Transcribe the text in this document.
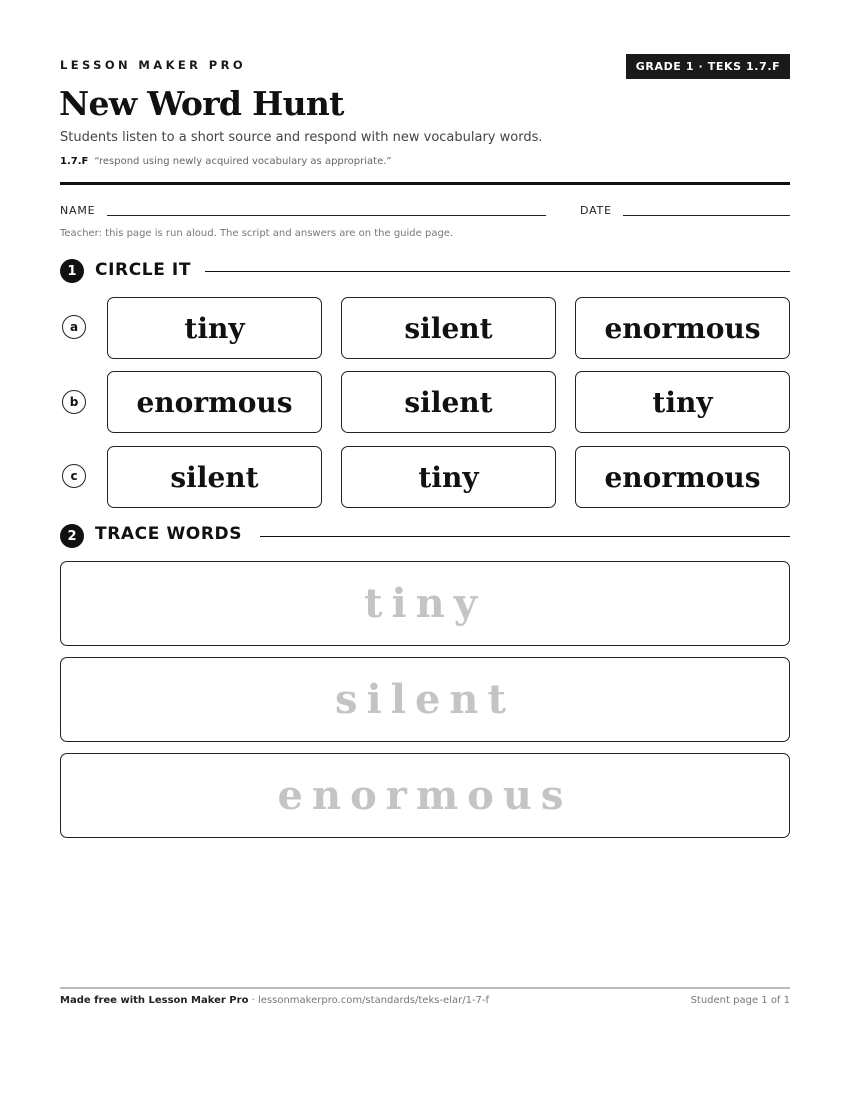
LESSON MAKER PRO	GRADE 1 · TEKS 1.7.F
New Word Hunt
Students listen to a short source and respond with new vocabulary words.
1.7.F “respond using newly acquired vocabulary as appropriate.”
NAME	DATE
Teacher: this page is run aloud. The script and answers are on the guide page.
1	CIRCLE IT
a	tiny	silent	enormous
b	enormous	silent	tiny
c	silent	tiny	enormous
2	TRACE WORDS
tiny
silent
enormous
Made free with Lesson Maker Pro · lessonmakerpro.com/standards/teks-elar/1-7-f	Student page 1 of 1
